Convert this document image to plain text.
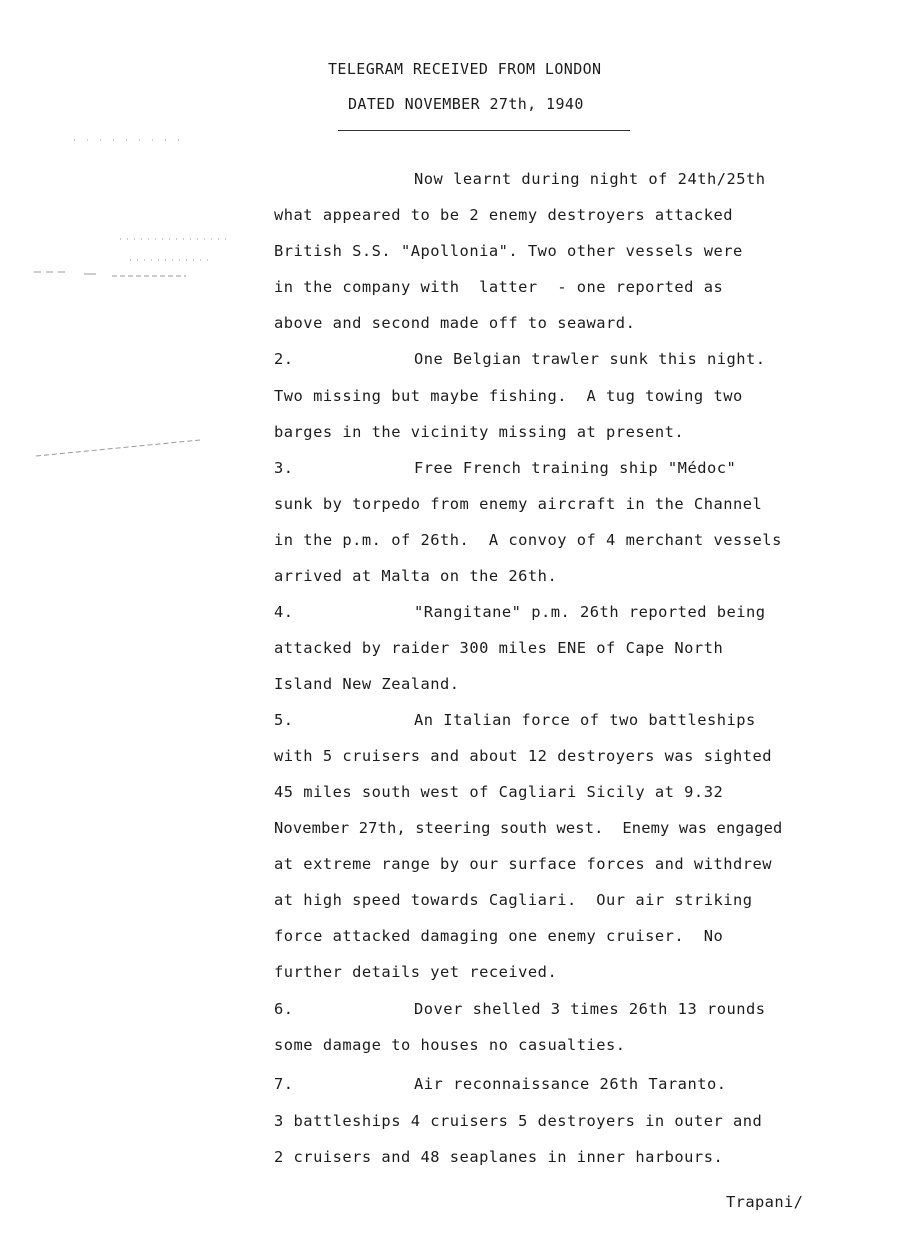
TELEGRAM RECEIVED FROM LONDON
DATED NOVEMBER 27th, 1940
Now learnt during night of 24th/25th
what appeared to be 2 enemy destroyers attacked
British S.S. "Apollonia". Two other vessels were
in the company with  latter  - one reported as
above and second made off to seaward.
2.	One Belgian trawler sunk this night.
Two missing but maybe fishing.  A tug towing two
barges in the vicinity missing at present.
3.	Free French training ship "Médoc"
sunk by torpedo from enemy aircraft in the Channel
in the p.m. of 26th.  A convoy of 4 merchant vessels
arrived at Malta on the 26th.
4.	"Rangitane" p.m. 26th reported being
attacked by raider 300 miles ENE of Cape North
Island New Zealand.
5.	An Italian force of two battleships
with 5 cruisers and about 12 destroyers was sighted
45 miles south west of Cagliari Sicily at 9.32
November 27th, steering south west.  Enemy was engaged
at extreme range by our surface forces and withdrew
at high speed towards Cagliari.  Our air striking
force attacked damaging one enemy cruiser.  No
further details yet received.
6.	Dover shelled 3 times 26th 13 rounds
some damage to houses no casualties.
7.	Air reconnaissance 26th Taranto.
3 battleships 4 cruisers 5 destroyers in outer and
2 cruisers and 48 seaplanes in inner harbours.
Trapani/
